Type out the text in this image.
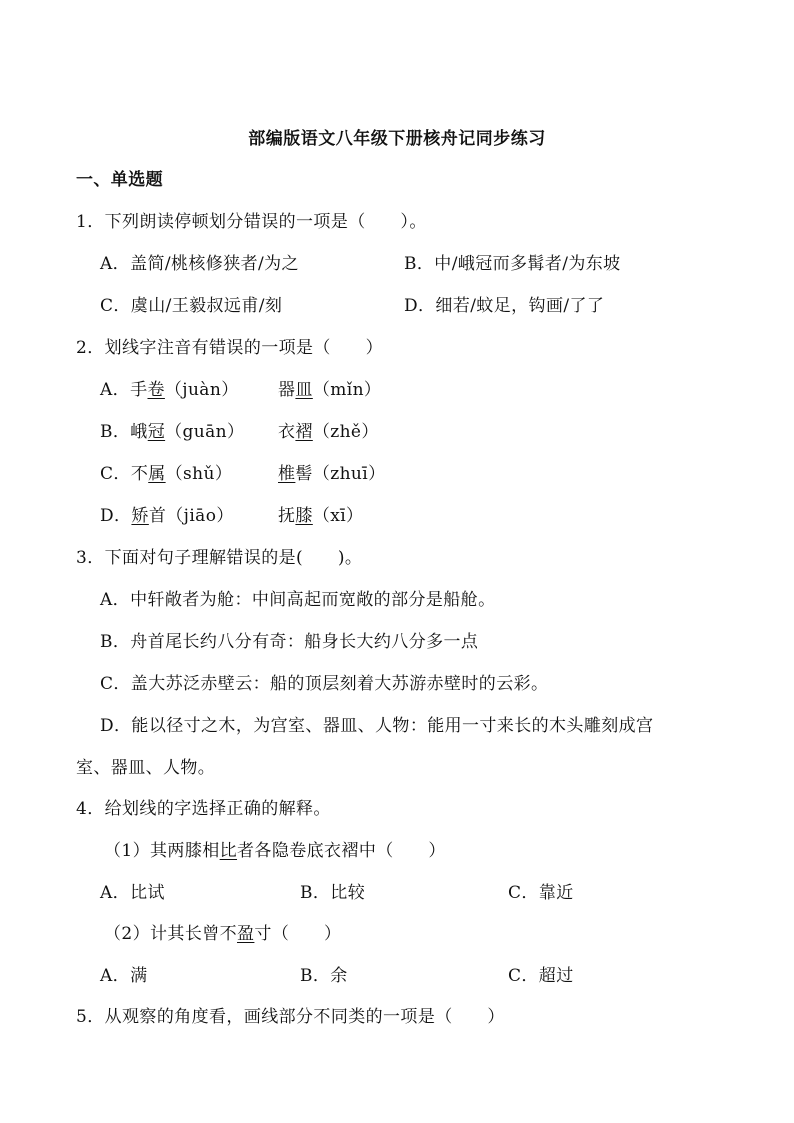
部编版语文八年级下册核舟记同步练习
一、单选题
1．下列朗读停顿划分错误的一项是（　　）。
A．盖简/桃核修狭者/为之	B．中/峨冠而多髯者/为东坡
C．虞山/王毅叔远甫/刻	D．细若/蚊足，钩画/了了
2．划线字注音有错误的一项是（　　）
A．手卷（juàn） 器皿（mǐn）
B．峨冠（guān） 衣褶（zhě）
C．不属（shǔ）	椎髻（zhuī）
D．矫首（jiāo）	抚膝（xī）
3．下面对句子理解错误的是(　　)。
A．中轩敞者为舱：中间高起而宽敞的部分是船舱。
B．舟首尾长约八分有奇：船身长大约八分多一点
C．盖大苏泛赤壁云：船的顶层刻着大苏游赤壁时的云彩。
D．能以径寸之木，为宫室、器皿、人物：能用一寸来长的木头雕刻成宫
室、器皿、人物。
4．给划线的字选择正确的解释。
（1）其两膝相比者各隐卷底衣褶中（　　）
A．比试	B．比较	C．靠近
（2）计其长曾不盈寸（　　）
A．满	B．余	C．超过
5．从观察的角度看，画线部分不同类的一项是（　　）
